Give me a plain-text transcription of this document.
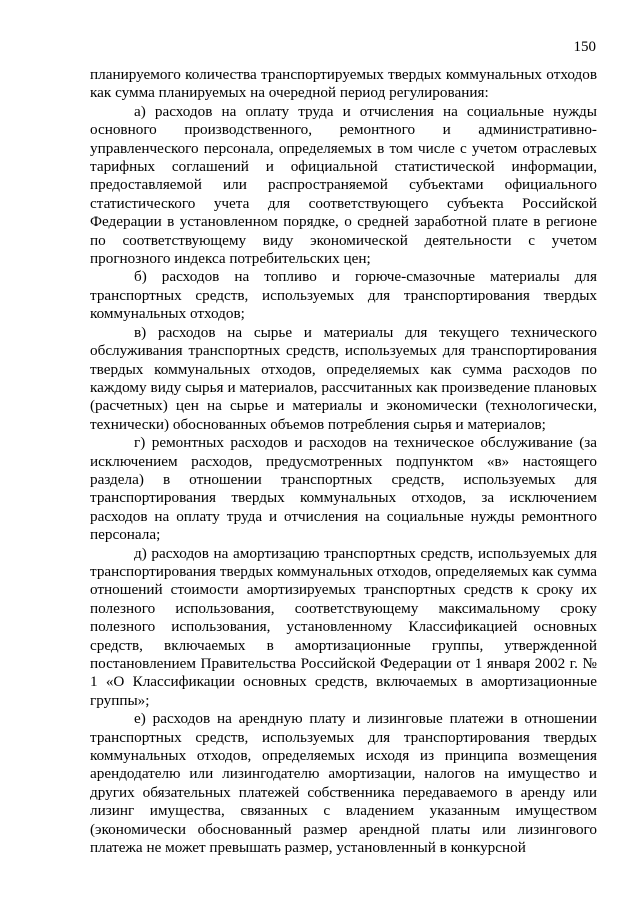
150

планируемого количества транспортируемых твердых коммунальных отходов как сумма планируемых на очередной период регулирования:

а) расходов на оплату труда и отчисления на социальные нужды основного производственного, ремонтного и административно-управленческого персонала, определяемых в том числе с учетом отраслевых тарифных соглашений и официальной статистической информации, предоставляемой или распространяемой субъектами официального статистического учета для соответствующего субъекта Российской Федерации в установленном порядке, о средней заработной плате в регионе по соответствующему виду экономической деятельности с учетом прогнозного индекса потребительских цен;

б) расходов на топливо и горюче-смазочные материалы для транспортных средств, используемых для транспортирования твердых коммунальных отходов;

в) расходов на сырье и материалы для текущего технического обслуживания транспортных средств, используемых для транспортирования твердых коммунальных отходов, определяемых как сумма расходов по каждому виду сырья и материалов, рассчитанных как произведение плановых (расчетных) цен на сырье и материалы и экономически (технологически, технически) обоснованных объемов потребления сырья и материалов;

г) ремонтных расходов и расходов на техническое обслуживание (за исключением расходов, предусмотренных подпунктом «в» настоящего раздела) в отношении транспортных средств, используемых для транспортирования твердых коммунальных отходов, за исключением расходов на оплату труда и отчисления на социальные нужды ремонтного персонала;

д) расходов на амортизацию транспортных средств, используемых для транспортирования твердых коммунальных отходов, определяемых как сумма отношений стоимости амортизируемых транспортных средств к сроку их полезного использования, соответствующему максимальному сроку полезного использования, установленному Классификацией основных средств, включаемых в амортизационные группы, утвержденной постановлением Правительства Российской Федерации от 1 января 2002 г. № 1 «О Классификации основных средств, включаемых в амортизационные группы»;

е) расходов на арендную плату и лизинговые платежи в отношении транспортных средств, используемых для транспортирования твердых коммунальных отходов, определяемых исходя из принципа возмещения арендодателю или лизингодателю амортизации, налогов на имущество и других обязательных платежей собственника передаваемого в аренду или лизинг имущества, связанных с владением указанным имуществом (экономически обоснованный размер арендной платы или лизингового платежа не может превышать размер, установленный в конкурсной
